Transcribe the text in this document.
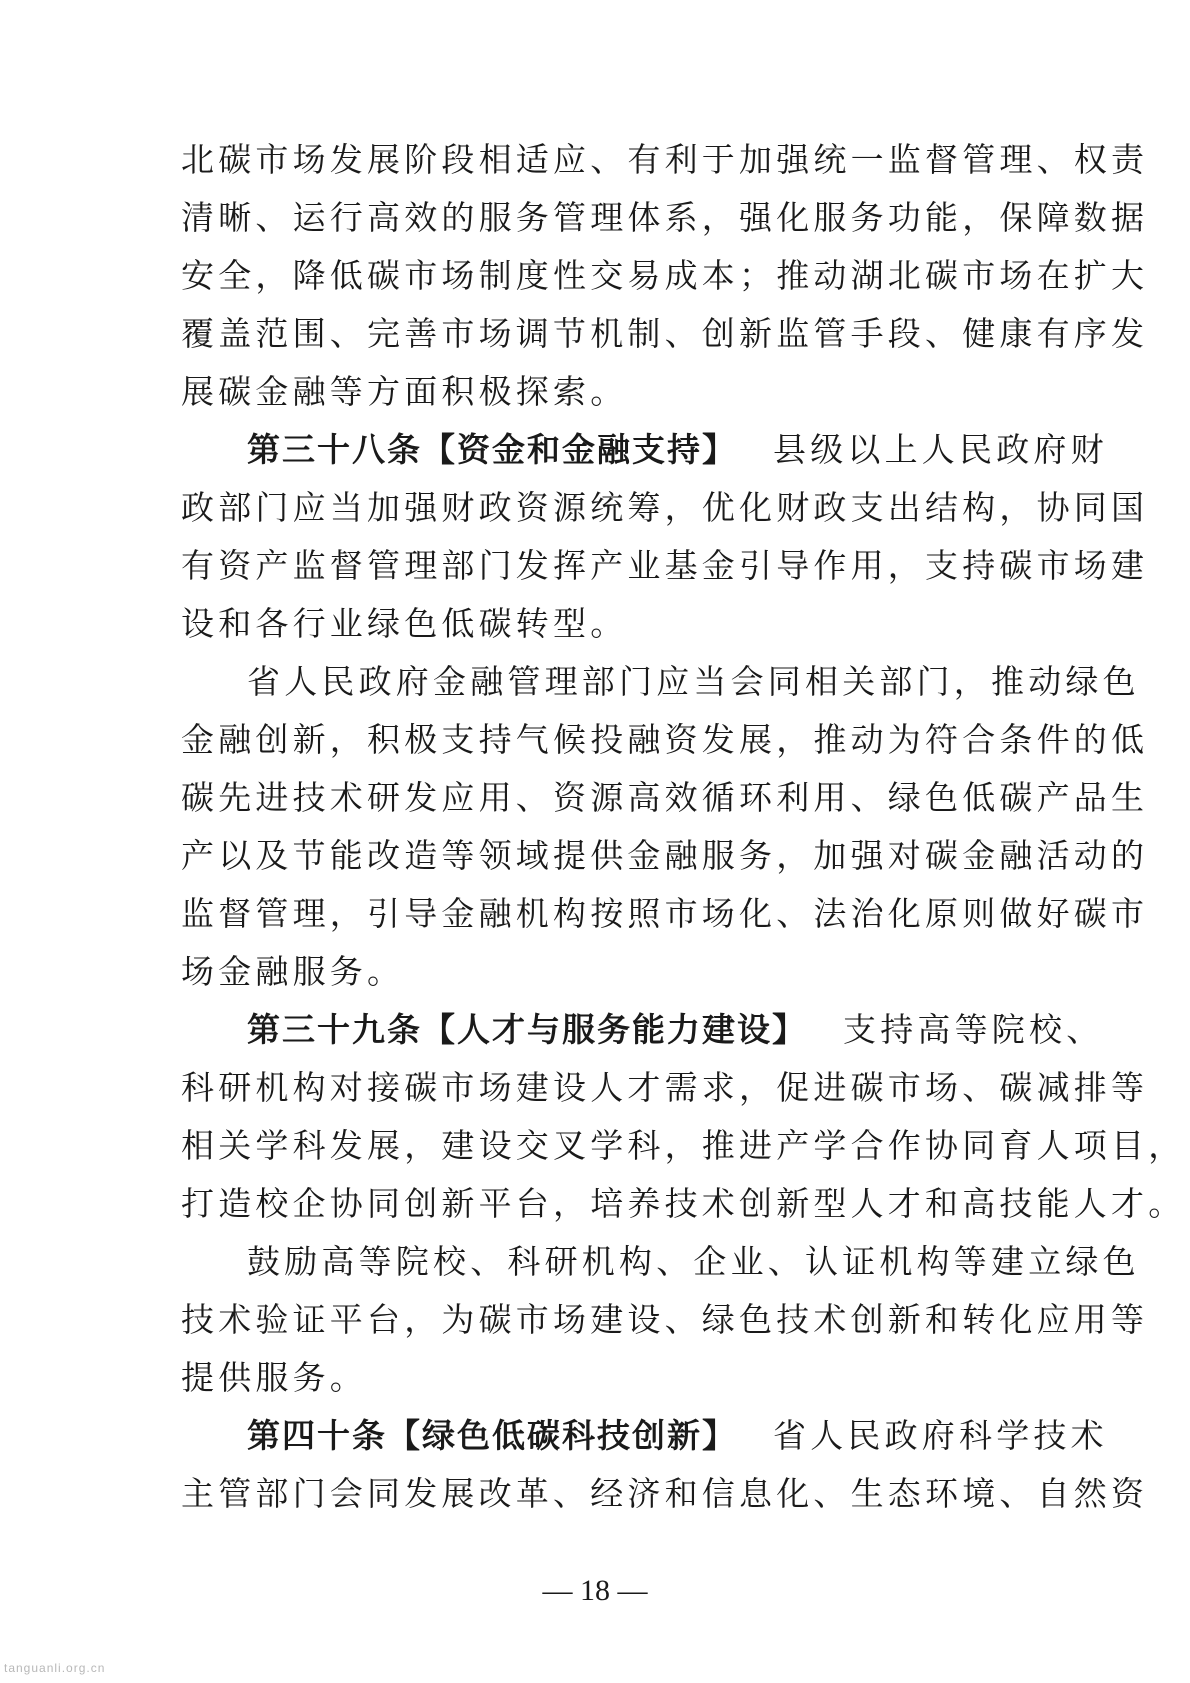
北碳市场发展阶段相适应、有利于加强统一监督管理、权责
清晰、运行高效的服务管理体系，强化服务功能，保障数据
安全，降低碳市场制度性交易成本；推动湖北碳市场在扩大
覆盖范围、完善市场调节机制、创新监管手段、健康有序发
展碳金融等方面积极探索。
第三十八条【资金和金融支持】 县级以上人民政府财
政部门应当加强财政资源统筹，优化财政支出结构，协同国
有资产监督管理部门发挥产业基金引导作用，支持碳市场建
设和各行业绿色低碳转型。
省人民政府金融管理部门应当会同相关部门，推动绿色
金融创新，积极支持气候投融资发展，推动为符合条件的低
碳先进技术研发应用、资源高效循环利用、绿色低碳产品生
产以及节能改造等领域提供金融服务，加强对碳金融活动的
监督管理，引导金融机构按照市场化、法治化原则做好碳市
场金融服务。
第三十九条【人才与服务能力建设】 支持高等院校、
科研机构对接碳市场建设人才需求，促进碳市场、碳减排等
相关学科发展，建设交叉学科，推进产学合作协同育人项目，
打造校企协同创新平台，培养技术创新型人才和高技能人才。
鼓励高等院校、科研机构、企业、认证机构等建立绿色
技术验证平台，为碳市场建设、绿色技术创新和转化应用等
提供服务。
第四十条【绿色低碳科技创新】 省人民政府科学技术
主管部门会同发展改革、经济和信息化、生态环境、自然资
— 18 —
tanguanli.org.cn
